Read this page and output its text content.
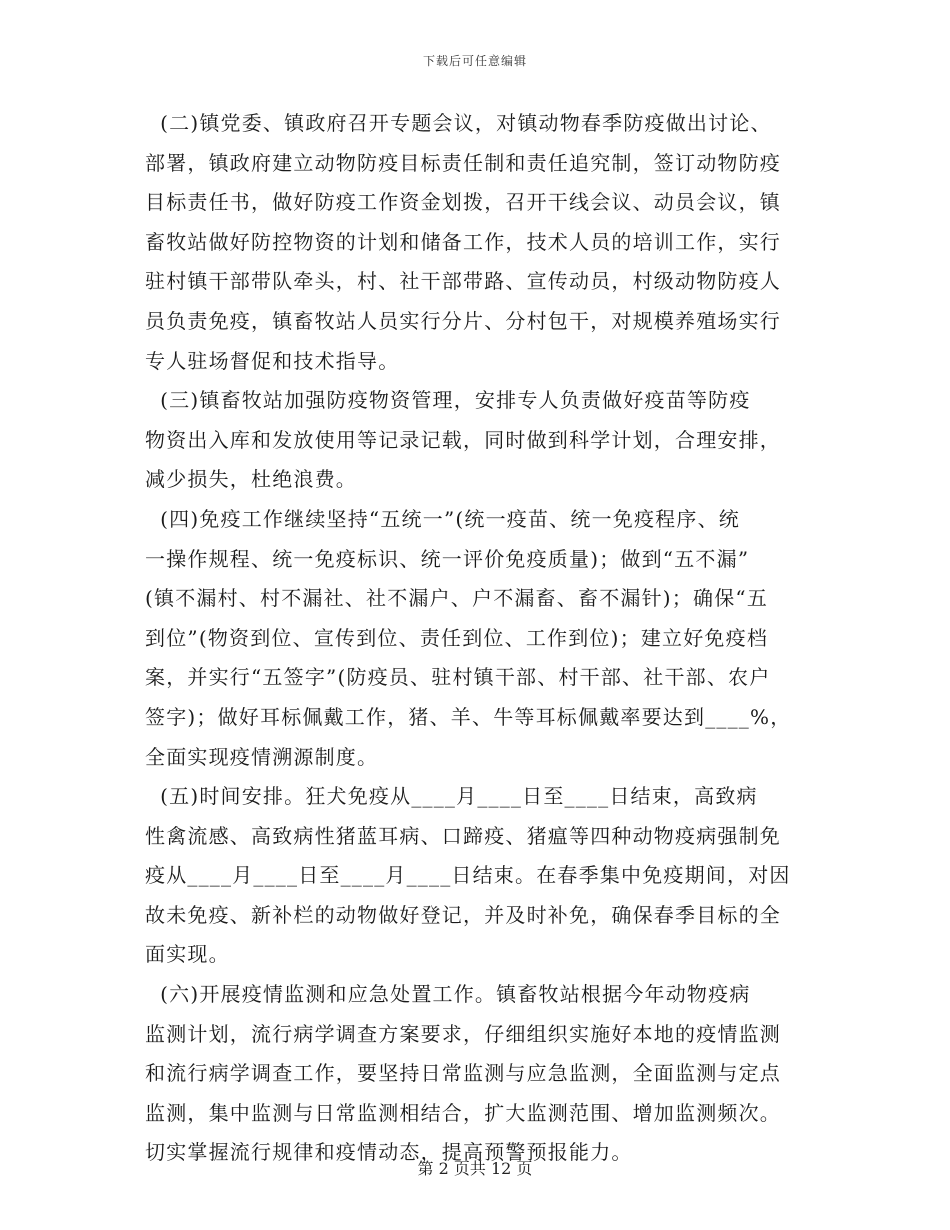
下载后可任意编辑
(二)镇党委、镇政府召开专题会议，对镇动物春季防疫做出讨论、
部署，镇政府建立动物防疫目标责任制和责任追究制，签订动物防疫
目标责任书，做好防疫工作资金划拨，召开干线会议、动员会议，镇
畜牧站做好防控物资的计划和储备工作，技术人员的培训工作，实行
驻村镇干部带队牵头，村、社干部带路、宣传动员，村级动物防疫人
员负责免疫，镇畜牧站人员实行分片、分村包干，对规模养殖场实行
专人驻场督促和技术指导。
(三)镇畜牧站加强防疫物资管理，安排专人负责做好疫苗等防疫
物资出入库和发放使用等记录记载，同时做到科学计划，合理安排，
减少损失，杜绝浪费。
(四)免疫工作继续坚持“五统一”(统一疫苗、统一免疫程序、统
一操作规程、统一免疫标识、统一评价免疫质量)；做到“五不漏”
(镇不漏村、村不漏社、社不漏户、户不漏畜、畜不漏针)；确保“五
到位”(物资到位、宣传到位、责任到位、工作到位)；建立好免疫档
案，并实行“五签字”(防疫员、驻村镇干部、村干部、社干部、农户
签字)；做好耳标佩戴工作，猪、羊、牛等耳标佩戴率要达到____%，
全面实现疫情溯源制度。
(五)时间安排。狂犬免疫从____月____日至____日结束，高致病
性禽流感、高致病性猪蓝耳病、口蹄疫、猪瘟等四种动物疫病强制免
疫从____月____日至____月____日结束。在春季集中免疫期间，对因
故未免疫、新补栏的动物做好登记，并及时补免，确保春季目标的全
面实现。
(六)开展疫情监测和应急处置工作。镇畜牧站根据今年动物疫病
监测计划，流行病学调查方案要求，仔细组织实施好本地的疫情监测
和流行病学调查工作，要坚持日常监测与应急监测，全面监测与定点
监测，集中监测与日常监测相结合，扩大监测范围、增加监测频次。
切实掌握流行规律和疫情动态，提高预警预报能力。
第 2 页共 12 页
